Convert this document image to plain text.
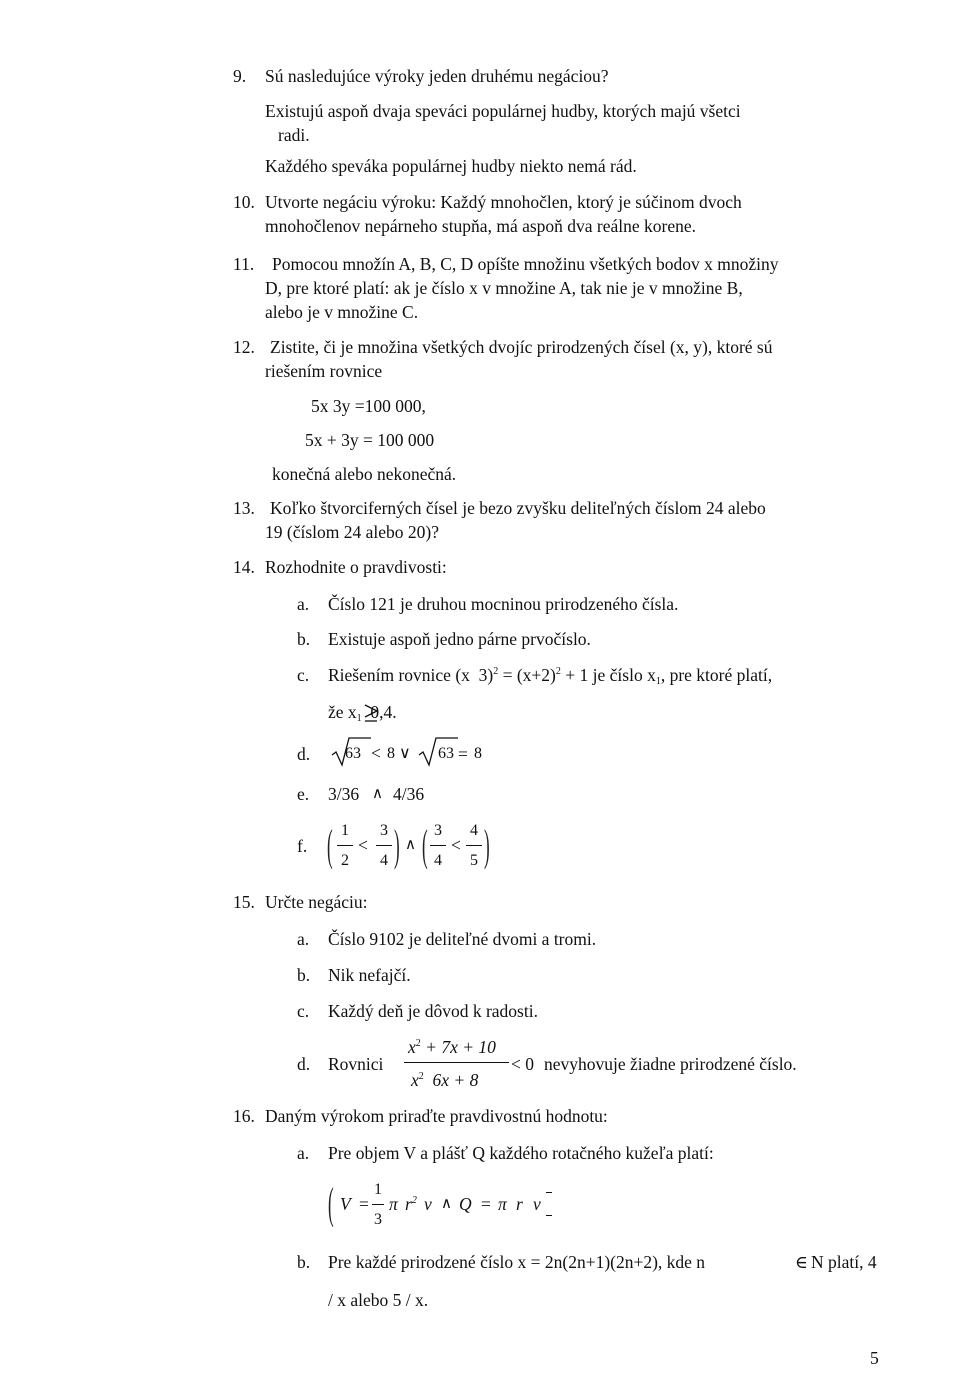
9. Sú nasledujúce výroky jeden druhému negáciou?
Existujú aspoň dvaja speváci populárnej hudby, ktorých majú všetci
radi.
Každého speváka populárnej hudby niekto nemá rád.
10. Utvorte negáciu výroku: Každý mnohočlen, ktorý je súčinom dvoch
mnohočlenov nepárneho stupňa, má aspoň dva reálne korene.
11. Pomocou množín A, B, C, D opíšte množinu všetkých bodov x množiny
D, pre ktoré platí: ak je číslo x v množine A, tak nie je v množine B,
alebo je v množine C.
12. Zistite, či je množina všetkých dvojíc prirodzených čísel (x, y), ktoré sú
riešením rovnice
5x 3y =100 000,
5x + 3y = 100 000
konečná alebo nekonečná.
13. Koľko štvorciferných čísel je bezo zvyšku deliteľných číslom 24 alebo
19 (číslom 24 alebo 20)?
14. Rozhodnite o pravdivosti:
a. Číslo 121 je druhou mocninou prirodzeného čísla.
b. Existuje aspoň jedno párne prvočíslo.
c. Riešením rovnice (x  $3)^2 = (x+2)^2 + 1$ je číslo $x_1$, pre ktoré platí,
že $x_1$  0,4.
d. 63 < 8 ∨ 63 = 8
e. 3/36 ∧ 4/36
f. ( 1
2
<
3
4 ) ∧ ( 3
4
<
4
5 )
15. Určte negáciu:
a. Číslo 9102 je deliteľné dvomi a tromi.
b. Nik nefajčí.
c. Každý deň je dôvod k radosti.
d. Rovnici
$x^2 + 7x + 10$
$x^2$  6x + 8
< 0 nevyhovuje žiadne prirodzené číslo.
16. Daným výrokom priraďte pravdivostnú hodnotu:
a. Pre objem V a plášť Q každého rotačného kužeľa platí:
( V =
1
3
π $r^2$ v ∧ Q = π r v
b. Pre každé prirodzené číslo x = 2n(2n+1)(2n+2), kde n	∈ N platí, 4
/ x alebo 5 / x.
5
